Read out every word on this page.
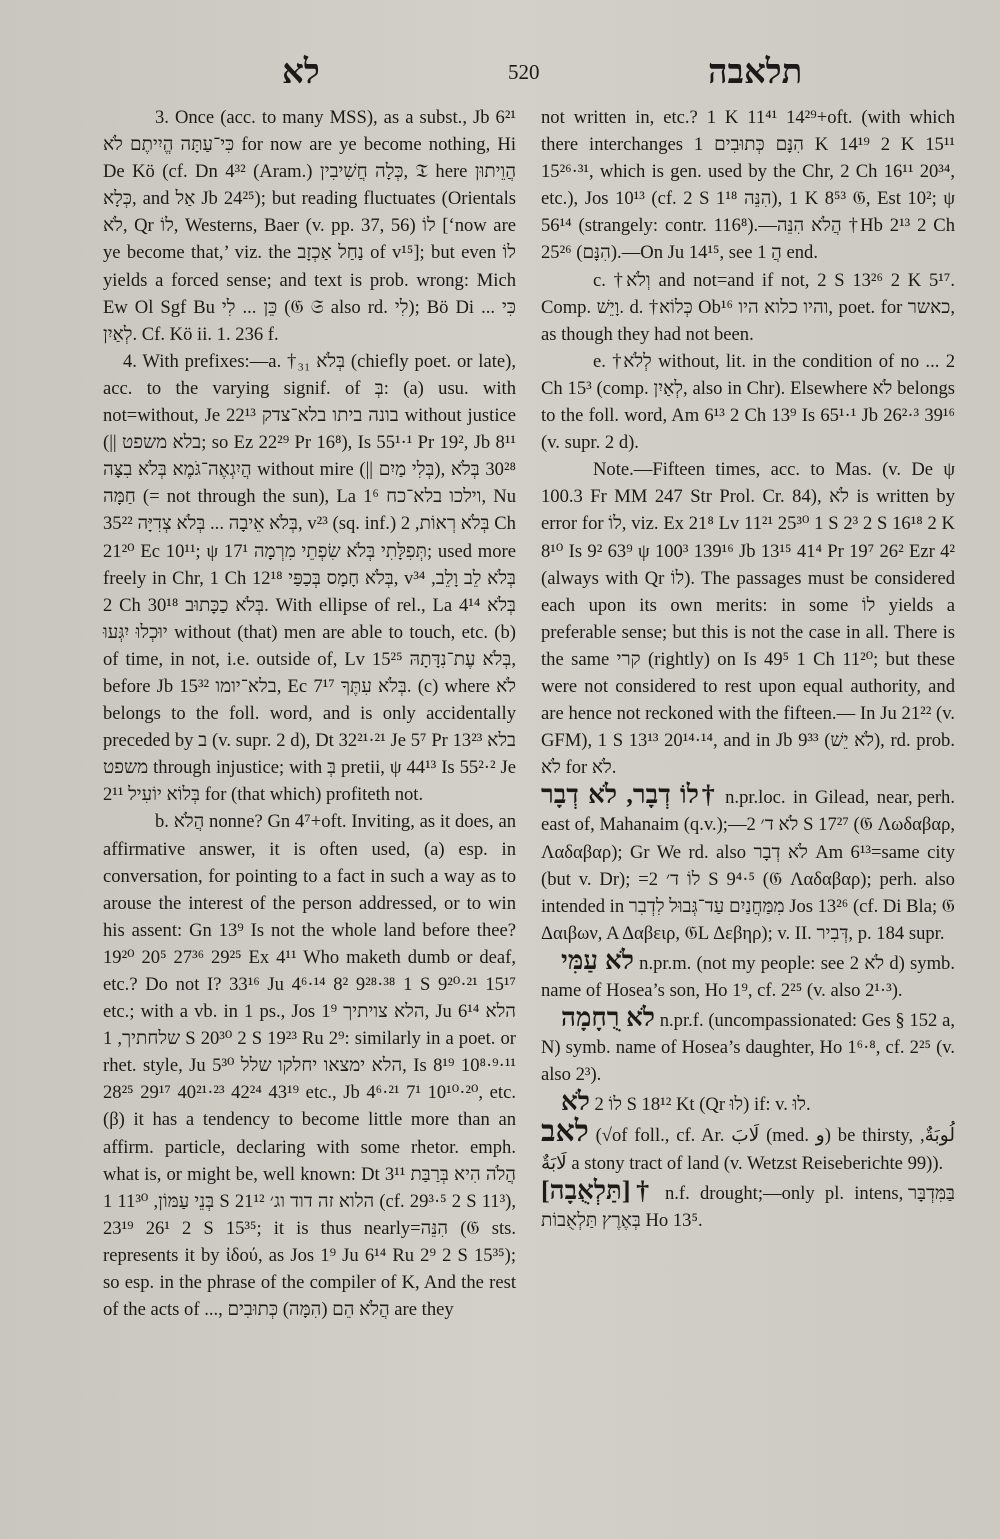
לא	520	תלאבה

3. Once (acc. to many MSS), as a subst., Jb 6²¹ כִּי־עַתָּה הֱיִיתֶם לֹא for now are ye become nothing, Hi De Kö (cf. Dn 4³² (Aram.) כְּלָה חֲשִׁיבִין, 𝔗 here הֲוֵיתוּן כְּלָא, and אַל Jb 24²⁵); but reading fluctuates (Orientals לֹא, Qr לוֹ, Westerns, Baer (v. pp. 37, 56) לוֹ [‘now are ye become that,’ viz. the נַחַל אַכְזָב of v¹⁵]; but even לוֹ yields a forced sense; and text is prob. wrong: Mich Ew Ol Sgf Bu כֵּן ... לִי (𝔊 𝔖 also rd. לִי); Bö Di כִּי ... לְאַיִן. Cf. Kö ii. 1. 236 f.

4. With prefixes:—a. †בְּלֹא ₃₁ (chiefly poet. or late), acc. to the varying signif. of בְּ: (a) usu. with not=without, Je 22¹³ בונה ביתו בלא־צדק without justice (|| בלא משפט; so Ez 22²⁹ Pr 16⁸), Is 55¹·¹ Pr 19², Jb 8¹¹ הֲיִגְאֶה־גֹּמֶא בְּלֹא בִצָּה without mire (|| בְּלִי מַיִם), 30²⁸ בְּלֹא חַמָּה (= not through the sun), La 1⁶ וילכו בלא־כח, Nu 35²² בְּלֹא אֵיבָה ... בְּלֹא צְדִיָּה, v²³ (sq. inf.) בְּלֹא רְאוֹת, 2 Ch 21²⁰ Ec 10¹¹; ψ 17¹ תְּפִלָּתִי בְּלֹא שִׂפְתֵי מִרְמָה; used more freely in Chr, 1 Ch 12¹⁸ בְּלֹא חָמָס בְּכַפַּי, v³⁴ בְּלֹא לֵב וָלֵב, 2 Ch 30¹⁸ בְּלֹא כַכָּתוּב. With ellipse of rel., La 4¹⁴ בְּלֹא יוּכְלוּ יִגְּעוּ without (that) men are able to touch, etc. (b) of time, in not, i.e. outside of, Lv 15²⁵ בְּלֹא עֶת־נִדָּתָהּ, before Jb 15³² בלא־יומו, Ec 7¹⁷ בְּלֹא עִתֶּךָ. (c) where לֹא belongs to the foll. word, and is only accidentally preceded by ב (v. supr. 2 d), Dt 32²¹·²¹ Je 5⁷ Pr 13²³ בלא משפט through injustice; with בְּ pretii, ψ 44¹³ Is 55²·² Je 2¹¹ בְּלוֹא יוֹעִיל for (that which) profiteth not.

b. הֲלֹא nonne? Gn 4⁷+oft. Inviting, as it does, an affirmative answer, it is often used, (a) esp. in conversation, for pointing to a fact in such a way as to arouse the interest of the person addressed, or to win his assent: Gn 13⁹ Is not the whole land before thee? 19²⁰ 20⁵ 27³⁶ 29²⁵ Ex 4¹¹ Who maketh dumb or deaf, etc.? Do not I? 33¹⁶ Ju 4⁶·¹⁴ 8² 9²⁸·³⁸ 1 S 9²⁰·²¹ 15¹⁷ etc.; with a vb. in 1 ps., Jos 1⁹ הלא צויתיך, Ju 6¹⁴ הלא שלחתיך, 1 S 20³⁰ 2 S 19²³ Ru 2⁹: similarly in a poet. or rhet. style, Ju 5³⁰ הלא ימצאו יחלקו שלל, Is 8¹⁹ 10⁸·⁹·¹¹ 28²⁵ 29¹⁷ 40²¹·²³ 42²⁴ 43¹⁹ etc., Jb 4⁶·²¹ 7¹ 10¹⁰·²⁰, etc. (β) it has a tendency to become little more than an affirm. particle, declaring with some rhetor. emph. what is, or might be, well known: Dt 3¹¹ הֲלֹה הִיא בְּרַבַּת בְּנֵי עַמּוֹן, 11³⁰ 1 S 21¹² הלוא זה דוד וג׳ (cf. 29³·⁵ 2 S 11³), 23¹⁹ 26¹ 2 S 15³⁵; it is thus nearly=הִנֵּה (𝔊 sts. represents it by ἰδού, as Jos 1⁹ Ju 6¹⁴ Ru 2⁹ 2 S 15³⁵); so esp. in the phrase of the compiler of K, And the rest of the acts of ..., הֲלֹא הֵם (הִמָּה) כְּתוּבִים are they

not written in, etc.? 1 K 11⁴¹ 14²⁹+oft. (with which there interchanges הִנָּם כְּתוּבִים 1 K 14¹⁹ 2 K 15¹¹ 15²⁶·³¹, which is gen. used by the Chr, 2 Ch 16¹¹ 20³⁴, etc.), Jos 10¹³ (cf. 2 S 1¹⁸ הִנֵּה), 1 K 8⁵³ 𝔊, Est 10²; ψ 56¹⁴ (strangely: contr. 116⁸).—הֲלֹא הִנֵּה †Hb 2¹³ 2 Ch 25²⁶ (הִנָּם).—On Ju 14¹⁵, see הֲ 1 end.

c. †וְלֹא and not=and if not, 2 S 13²⁶ 2 K 5¹⁷. Comp. וָיֵשׁ. d. †כְּלוֹא Ob¹⁶ והיו כלוא היו, poet. for כאשר, as though they had not been.

e. †לְלֹא without, lit. in the condition of no ... 2 Ch 15³ (comp. לְאַיִן, also in Chr). Elsewhere לֹא belongs to the foll. word, Am 6¹³ 2 Ch 13⁹ Is 65¹·¹ Jb 26²·³ 39¹⁶ (v. supr. 2 d).

Note.—Fifteen times, acc. to Mas. (v. De ψ 100.3 Fr MM 247 Str Prol. Cr. 84), לֹא is written by error for לוֹ, viz. Ex 21⁸ Lv 11²¹ 25³⁰ 1 S 2³ 2 S 16¹⁸ 2 K 8¹⁰ Is 9² 63⁹ ψ 100³ 139¹⁶ Jb 13¹⁵ 41⁴ Pr 19⁷ 26² Ezr 4² (always with Qr לוֹ). The passages must be considered each upon its own merits: in some לוֹ yields a preferable sense; but this is not the case in all. There is the same קרי (rightly) on Is 49⁵ 1 Ch 11²⁰; but these were not considered to rest upon equal authority, and are hence not reckoned with the fifteen.— In Ju 21²² (v. GFM), 1 S 13¹³ 20¹⁴·¹⁴, and in Jb 9³³ (לֹא יֵשׁ), rd. prob. לֹא for לֹא.

†לוֹ דְבָר, לֹא דְבָר n.pr.loc. in Gilead, near, perh. east of, Mahanaim (q.v.);—לֹא ד׳ 2 S 17²⁷ (𝔊 Λωδαβαρ, Λαδαβαρ); Gr We rd. also לֹא דְבָר Am 6¹³=same city (but v. Dr); =לוֹ ד׳ 2 S 9⁴·⁵ (𝔊 Λαδαβαρ); perh. also intended in מִמַּחֲנַיִם עַד־גְּבוּל לִדְבִר Jos 13²⁶ (cf. Di Bla; 𝔊 Δαιβων, Α Δαβειρ, 𝔊L Δεβηρ); v. II. דְּבִיר, p. 184 supr.

לֹא עַמִּי n.pr.m. (not my people: see לֹא 2 d) symb. name of Hosea’s son, Ho 1⁹, cf. 2²⁵ (v. also 2¹·³).

לֹא רֻחָמָה n.pr.f. (uncompassionated: Ges § 152 a, N) symb. name of Hosea’s daughter, Ho 1⁶·⁸, cf. 2²⁵ (v. also 2³).

לֹא לוֹ 2 S 18¹² Kt (Qr לוּ) if: v. לוּ.

לאב (√of foll., cf. Ar. لَابَ (med. و) be thirsty, لُوبَةٌ, لَابَةٌ a stony tract of land (v. Wetzst Reiseberichte 99)).

†[תַּלְאֻבָה] n.f. drought;—only pl. intens, בַּמִּדְבָּר בְּאֶרֶץ תַּלְאֻבוֹת Ho 13⁵.
